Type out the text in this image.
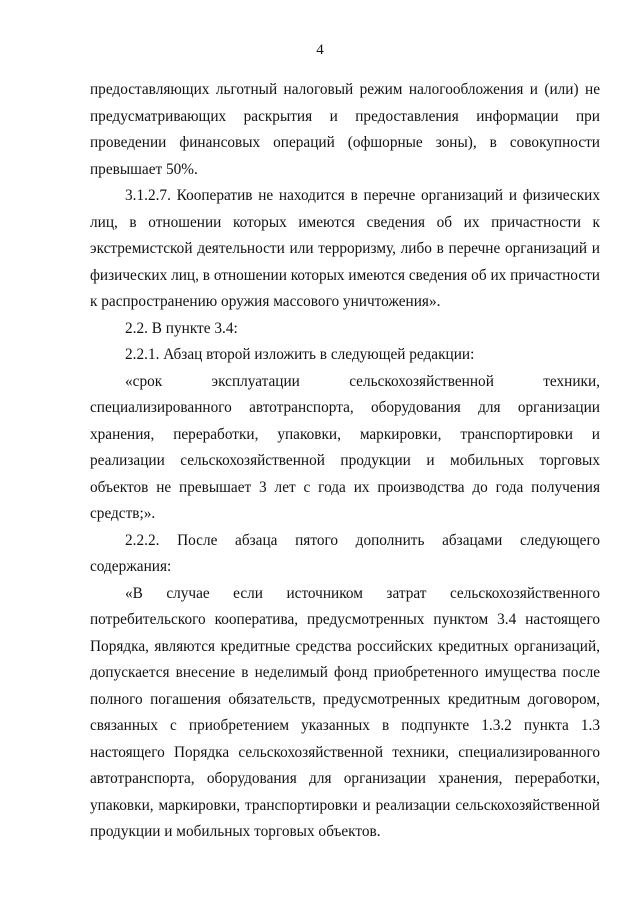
4

предоставляющих льготный налоговый режим налогообложения и (или) не предусматривающих раскрытия и предоставления информации при проведении финансовых операций (офшорные зоны), в совокупности превышает 50%.

3.1.2.7. Кооператив не находится в перечне организаций и физических лиц, в отношении которых имеются сведения об их причастности к экстремистской деятельности или терроризму, либо в перечне организаций и физических лиц, в отношении которых имеются сведения об их причастности к распространению оружия массового уничтожения».

2.2. В пункте 3.4:

2.2.1. Абзац второй изложить в следующей редакции:

«срок эксплуатации сельскохозяйственной техники, специализированного автотранспорта, оборудования для организации хранения, переработки, упаковки, маркировки, транспортировки и реализации сельскохозяйственной продукции и мобильных торговых объектов не превышает 3 лет с года их производства до года получения средств;».

2.2.2. После абзаца пятого дополнить абзацами следующего содержания:

«В случае если источником затрат сельскохозяйственного потребительского кооператива, предусмотренных пунктом 3.4 настоящего Порядка, являются кредитные средства российских кредитных организаций, допускается внесение в неделимый фонд приобретенного имущества после полного погашения обязательств, предусмотренных кредитным договором, связанных с приобретением указанных в подпункте 1.3.2 пункта 1.3 настоящего Порядка сельскохозяйственной техники, специализированного автотранспорта, оборудования для организации хранения, переработки, упаковки, маркировки, транспортировки и реализации сельскохозяйственной продукции и мобильных торговых объектов.
